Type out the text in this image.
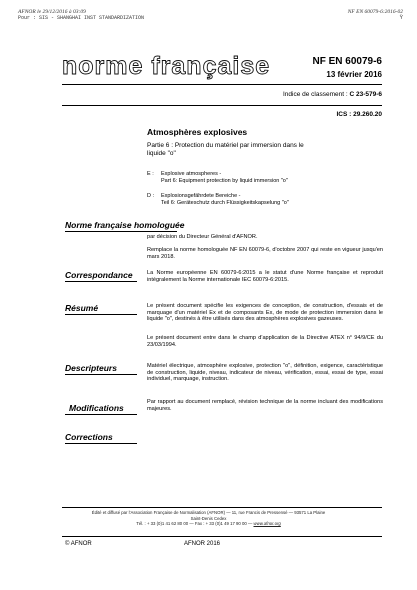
AFNOR le 29/12/2016 à 03:09
Pour : SIS - SHANGHAI INST STANDARDIZATION
NF EN 60079-6:2016-02
Ÿ
norme française	NF EN 60079-6
13 février 2016
Indice de classement : C 23-579-6
ICS : 29.260.20
Atmosphères explosives
Partie 6 : Protection du matériel par immersion dans le liquide "o"
E : Explosive atmospheres -
Part 6: Equipment protection by liquid immersion "o"
D : Explosionsgefährdete Bereiche -
Teil 6: Geräteschutz durch Flüssigkeitskapselung "o"
Norme française homologuée
par décision du Directeur Général d'AFNOR.
Remplace la norme homologuée NF EN 60079-6, d'octobre 2007 qui reste en vigueur jusqu'en mars 2018.
Correspondance	La Norme européenne EN 60079-6:2015 a le statut d'une Norme française et reproduit intégralement la Norme internationale IEC 60079-6:2015.
Résumé	Le présent document spécifie les exigences de conception, de construction, d'essais et de marquage d'un matériel Ex et de composants Ex, de mode de protection immersion dans le liquide "o", destinés à être utilisés dans des atmosphères explosives gazeuses.
Le présent document entre dans le champ d'application de la Directive ATEX n° 94/9/CE du 23/03/1994.
Descripteurs	Matériel électrique, atmosphère explosive, protection "o", définition, exigence, caractéristique de construction, liquide, niveau, indicateur de niveau, vérification, essai, essai de type, essai individuel, marquage, instruction.
Modifications
Par rapport au document remplacé, révision technique de la norme incluant des modifications majeures.
Corrections
Édité et diffusé par l'Association Française de Normalisation (AFNOR) — 11, rue Francis de Pressensé — 93571 La Plaine Saint-Denis Cedex
Tél. : + 33 (0)1 41 62 80 00 — Fax : + 33 (0)1 49 17 90 00 — www.afnor.org
© AFNOR	AFNOR 2016
